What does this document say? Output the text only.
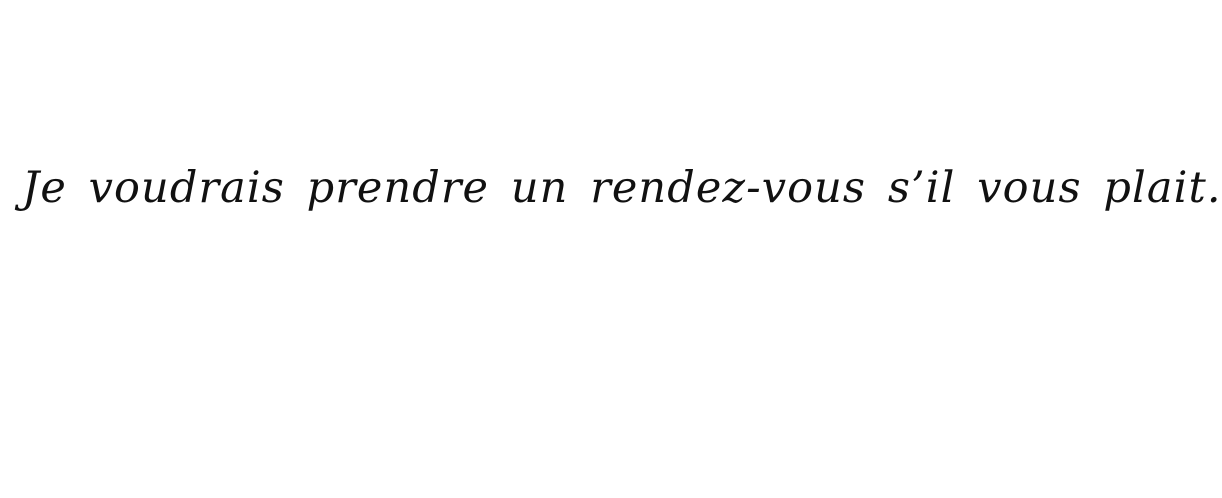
Je voudrais prendre un rendez-vous s’il vous plait.
